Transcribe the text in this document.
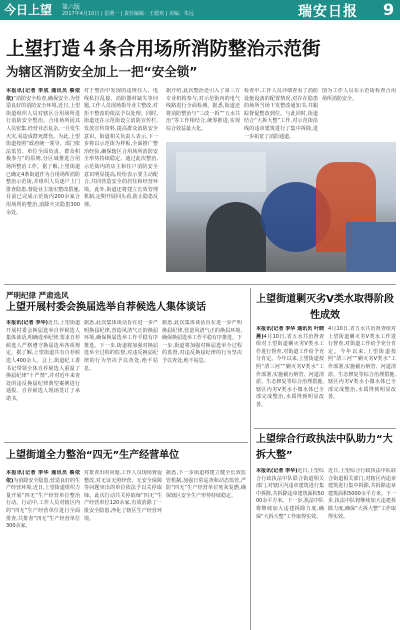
今日上望 第六版
2017年4月10日 | 星期一 | 责任编辑：王德欢 | 美编：朱远	瑞安日报 9
上望打造４条合用场所消防整治示范街
为辖区消防安全加上一把“安全锁”
本报讯(记者 李成 通讯员 蔡依依)“消防安全检查,确保安全,为营造良好的消防安全环境,近日,上望街道组织人员对辖区合用场所进行消防安全整治。合用场所因其人员密集,经营业态复杂,一旦发生火灾,易造成群死群伤。为此,上望街道按照“政府统一领导、部门依法监管、单位全面负责、群众积极参与”的原则,分区域推进合用场所整治工作。据了解,上望街道已确定4条街道作为合用场所消防整治示范街,并组织人员逐户上门排查隐患,督促业主落实整改措施,目前已完成示范街内200余家合用场所的整治,消除火灾隐患300余处。
对于整治中发现的违规住人、电线私拉乱接、消防器材缺失等问题,工作人员现场指导业主整改,对拒不整改的依法予以处理。同时,街道还在示范街设立消防宣传栏,发放宣传资料,提高群众消防安全意识。街道相关负责人表示,下一步将以示范街为样板,全面推广整治经验,确保辖区合用场所消防安全形势持续稳定。通过此次整治,示范街内的店主和住户消防安全意识明显提高,纷纷表示要主动配合,共同营造安全的居住和经营环境。此外,街道还将建立长效管理机制,定期开展回头看,防止隐患反弹。
据介绍,此次整治还引入了第三方专业机构参与,对示范街内的电气线路进行全面检测。据悉,街道还将消防整治与“三改一拆”“五水共治”等工作相结合,统筹推进,实现综合效益最大化。
检查中,工作人员详细查看了消防设施设备的配置情况,对存在隐患的场所当场下发整改通知书,并跟踪督促整改到位。与此同时,街道结合“大拆大整”工作,对示范街沿线的违章建筑进行了集中拆除,进一步拓宽了消防通道。
图为工作人员在示范街检查合用场所消防安全。
严明纪律 严肃选风
上望开展村委会换届选举自荐候选人集体谈话
本报讯(记者 李华)近日,上望街道开展村委会换届选举自荐候选人集体谈话,明确选举纪律,要求自荐候选人严格遵守换届选举各项规定。据了解,上望街道共有自荐候选人400余人。会上,街道纪工委书记带领全体自荐候选人重温了换届纪律“十严禁”,并对近年来查处的违反换届纪律典型案例进行通报。自荐候选人现场签订了承诺书。
据悉,此次集体谈话旨在进一步严明换届纪律,营造风清气正的换届环境,确保换届选举工作平稳有序推进。下一步,街道将加强对换届选举全过程的监督,对违反换届纪律的行为坚决予以查处,绝不姑息。
据悉,此次集体谈话旨在进一步严明换届纪律,营造风清气正的换届环境,确保换届选举工作平稳有序推进。下一步,街道将加强对换届选举全过程的监督,对违反换届纪律的行为坚决予以查处,绝不姑息。
上望街道剿灭劣Ⅴ类水取得阶段性成效
本报讯(记者 李华 通讯员 叶晓燕)4月10日,省五水共治督查组对上望街道剿灭劣Ⅴ类水工作进行督查,对街道工作给予充分肯定。今年以来,上望街道按照“清三河”“剿灭劣Ⅴ类水”工作部署,实施截污纳管、河道清淤、生态修复等综合治理措施,辖区内劣Ⅴ类水小微水体已全部完成整治,水质得到明显改善。
4月10日,省五水共治督查组对上望街道剿灭劣Ⅴ类水工作进行督查,对街道工作给予充分肯定。今年以来,上望街道按照“清三河”“剿灭劣Ⅴ类水”工作部署,实施截污纳管、河道清淤、生态修复等综合治理措施,辖区内劣Ⅴ类水小微水体已全部完成整治,水质得到明显改善。
上望综合行政执法中队助力“大拆大整”
本报讯(记者 李华)近日,上望综合行政执法中队联合街道相关部门,对辖区内违章建筑进行集中拆除,共拆除违章建筑面积5000余平方米。下一步,执法中队将继续加大违建拆除力度,确保“大拆大整”工作取得实效。
近日,上望综合行政执法中队联合街道相关部门,对辖区内违章建筑进行集中拆除,共拆除违章建筑面积5000余平方米。下一步,执法中队将继续加大违建拆除力度,确保“大拆大整”工作取得实效。
上望街道全力整治“四无”生产经营单位
本报讯(记者 李华 通讯员 蔡依依)为消除安全隐患,营造良好的生产经营环境,近日,上望街道组织力量开展“四无”生产经营单位整治行动。行动中,工作人员对辖区内的“四无”生产经营单位进行全面排查,共排查“四无”生产经营单位300余家。
对排查出的问题,工作人员现场督促整改,对无证无照经营、无安全保障等问题突出的单位依法予以关停取缔。此次行动共关停取缔“四无”生产经营单位120余家,有效消除了一批安全隐患,净化了辖区生产经营环境。
据悉,下一步街道将建立健全长效监管机制,加强日常巡查和动态监管,严防“四无”生产经营单位死灰复燃,确保辖区安全生产形势持续稳定。
